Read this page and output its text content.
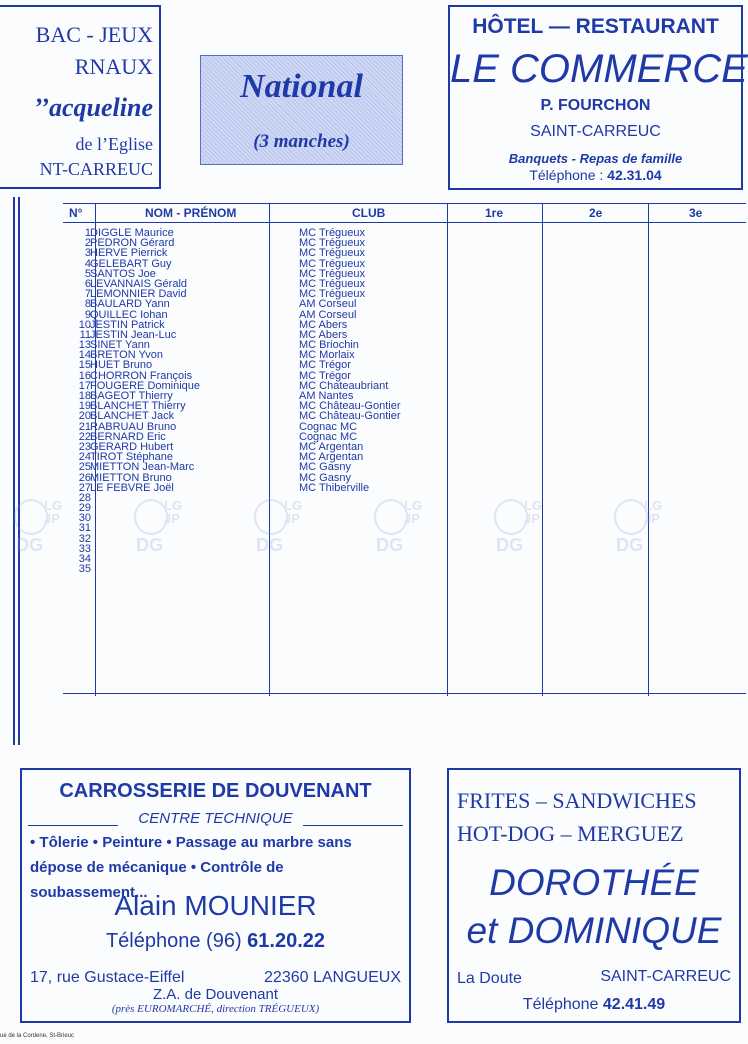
BAC - JEUX
RNAUX
acqueline’’
de l’Eglise
NT-CARREUC
National
(3 manches)
HÔTEL — RESTAURANT
LE COMMERCE
P. FOURCHON
SAINT-CARREUC
Banquets - Repas de famille
Téléphone : 42.31.04
N°	NOM - PRÉNOM	CLUB	1re	2e	3e
1 DIGGLE Maurice	MC Trégueux
2 PEDRON Gérard	MC Trégueux
3 HERVE Pierrick	MC Trégueux
4 GELEBART Guy	MC Trégueux
5 SANTOS Joe	MC Trégueux
6 LEVANNAIS Gérald	MC Trégueux
7 LEMONNIER David	MC Trégueux
8 BAULARD Yann	AM Corseul
9 QUILLEC Iohan	AM Corseul
10 JESTIN Patrick	MC Abers
11 JESTIN Jean-Luc	MC Abers
13 SINET Yann	MC Briochin
14 BRETON Yvon	MC Morlaix
15 HUET Bruno	MC Trégor
16 CHORRON François	MC Trégor
17 FOUGERE Dominique	MC Chateaubriant
18 BAGEOT Thierry	AM Nantes
19 BLANCHET Thierry	MC Château-Gontier
20 BLANCHET Jack	MC Château-Gontier
21 RABRUAU Bruno	Cognac MC
22 BERNARD Eric	Cognac MC
23 GERARD Hubert	MC Argentan
24 TIROT Stéphane	MC Argentan
25 MIETTON Jean-Marc	MC Gasny
26 MIETTON Bruno	MC Gasny
27 LE FEBVRE Joël	MC Thiberville
28
29
30
31
32
33
34
35
LG JP
DG
LG JP
DG
LG JP
DG
LG JP
DG
LG JP
DG
LG JP
DG
CARROSSERIE DE DOUVENANT
CENTRE TECHNIQUE
• Tôlerie • Peinture • Passage au marbre sans dépose de mécanique • Contrôle de soubassement...
Alain MOUNIER
Téléphone (96) 61.20.22
17, rue Gustace-Eiffel	22360 LANGUEUX
Z.A. de Douvenant
(près EUROMARCHÉ, direction TRÉGUEUX)
FRITES – SANDWICHES
HOT-DOG – MERGUEZ
DOROTHÉE
et DOMINIQUE
La Doute	SAINT-CARREUC
Téléphone 42.41.49
ue de la Cordene, St-Brieuc
